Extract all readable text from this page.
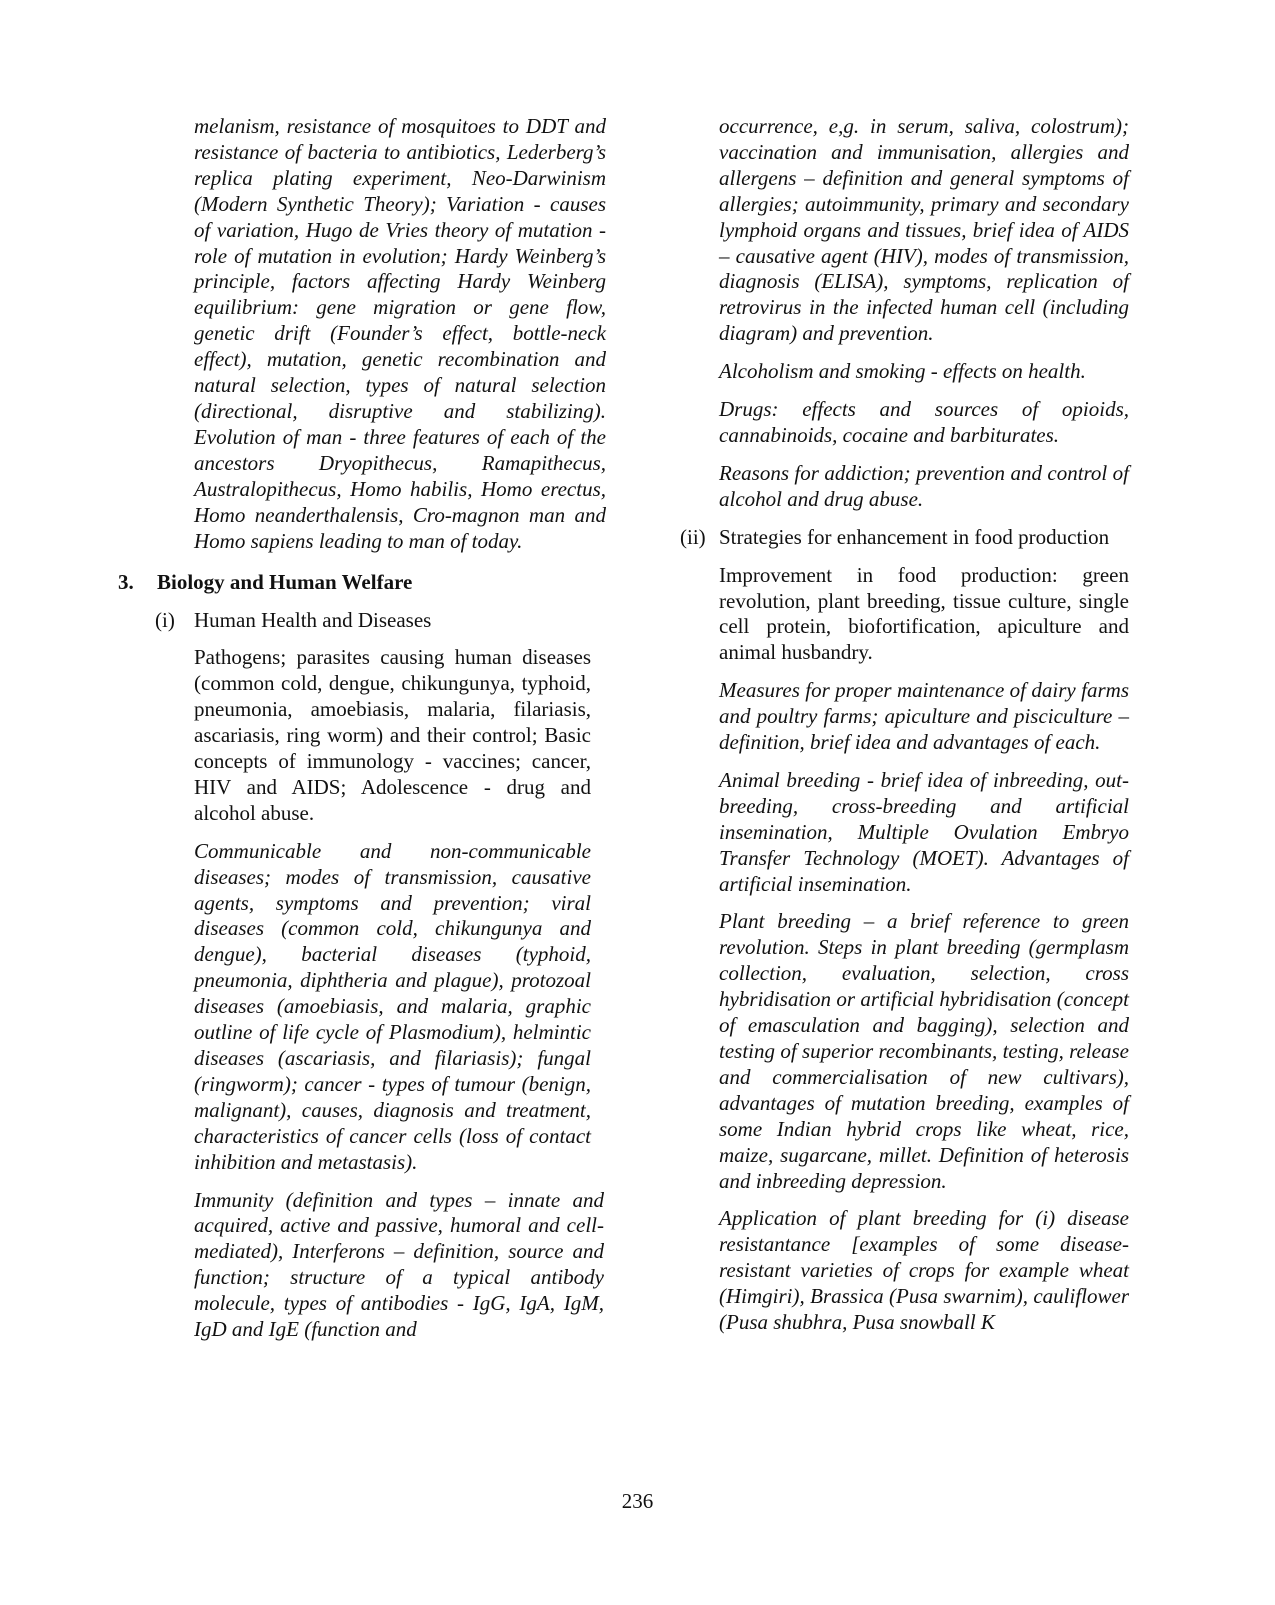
melanism, resistance of mosquitoes to DDT and resistance of bacteria to antibiotics, Lederberg’s replica plating experiment, Neo-Darwinism (Modern Synthetic Theory); Variation - causes of variation, Hugo de Vries theory of mutation - role of mutation in evolution; Hardy Weinberg’s principle, factors affecting Hardy Weinberg equilibrium: gene migration or gene flow, genetic drift (Founder’s effect, bottle-neck effect), mutation, genetic recombination and natural selection, types of natural selection (directional, disruptive and stabilizing). Evolution of man - three features of each of the ancestors Dryopithecus, Ramapithecus, Australopithecus, Homo habilis, Homo erectus, Homo neanderthalensis, Cro-magnon man and Homo sapiens leading to man of today.

3. Biology and Human Welfare
(i) Human Health and Diseases

Pathogens; parasites causing human diseases (common cold, dengue, chikungunya, typhoid, pneumonia, amoebiasis, malaria, filariasis, ascariasis, ring worm) and their control; Basic concepts of immunology - vaccines; cancer, HIV and AIDS; Adolescence - drug and alcohol abuse.

Communicable and non-communicable diseases; modes of transmission, causative agents, symptoms and prevention; viral diseases (common cold, chikungunya and dengue), bacterial diseases (typhoid, pneumonia, diphtheria and plague), protozoal diseases (amoebiasis, and malaria, graphic outline of life cycle of Plasmodium), helmintic diseases (ascariasis, and filariasis); fungal (ringworm); cancer - types of tumour (benign, malignant), causes, diagnosis and treatment, characteristics of cancer cells (loss of contact inhibition and metastasis).

Immunity (definition and types – innate and acquired, active and passive, humoral and cell-mediated), Interferons – definition, source and function; structure of a typical antibody molecule, types of antibodies - IgG, IgA, IgM, IgD and IgE (function and

occurrence, e,g. in serum, saliva, colostrum); vaccination and immunisation, allergies and allergens – definition and general symptoms of allergies; autoimmunity, primary and secondary lymphoid organs and tissues, brief idea of AIDS – causative agent (HIV), modes of transmission, diagnosis (ELISA), symptoms, replication of retrovirus in the infected human cell (including diagram) and prevention.

Alcoholism and smoking - effects on health.

Drugs: effects and sources of opioids, cannabinoids, cocaine and barbiturates.

Reasons for addiction; prevention and control of alcohol and drug abuse.

(ii) Strategies for enhancement in food production

Improvement in food production: green revolution, plant breeding, tissue culture, single cell protein, biofortification, apiculture and animal husbandry.

Measures for proper maintenance of dairy farms and poultry farms; apiculture and pisciculture – definition, brief idea and advantages of each.

Animal breeding - brief idea of inbreeding, out-breeding, cross-breeding and artificial insemination, Multiple Ovulation Embryo Transfer Technology (MOET). Advantages of artificial insemination.

Plant breeding – a brief reference to green revolution. Steps in plant breeding (germplasm collection, evaluation, selection, cross hybridisation or artificial hybridisation (concept of emasculation and bagging), selection and testing of superior recombinants, testing, release and commercialisation of new cultivars), advantages of mutation breeding, examples of some Indian hybrid crops like wheat, rice, maize, sugarcane, millet. Definition of heterosis and inbreeding depression.

Application of plant breeding for (i) disease resistantance [examples of some disease-resistant varieties of crops for example wheat (Himgiri), Brassica (Pusa swarnim), cauliflower (Pusa shubhra, Pusa snowball K

236
